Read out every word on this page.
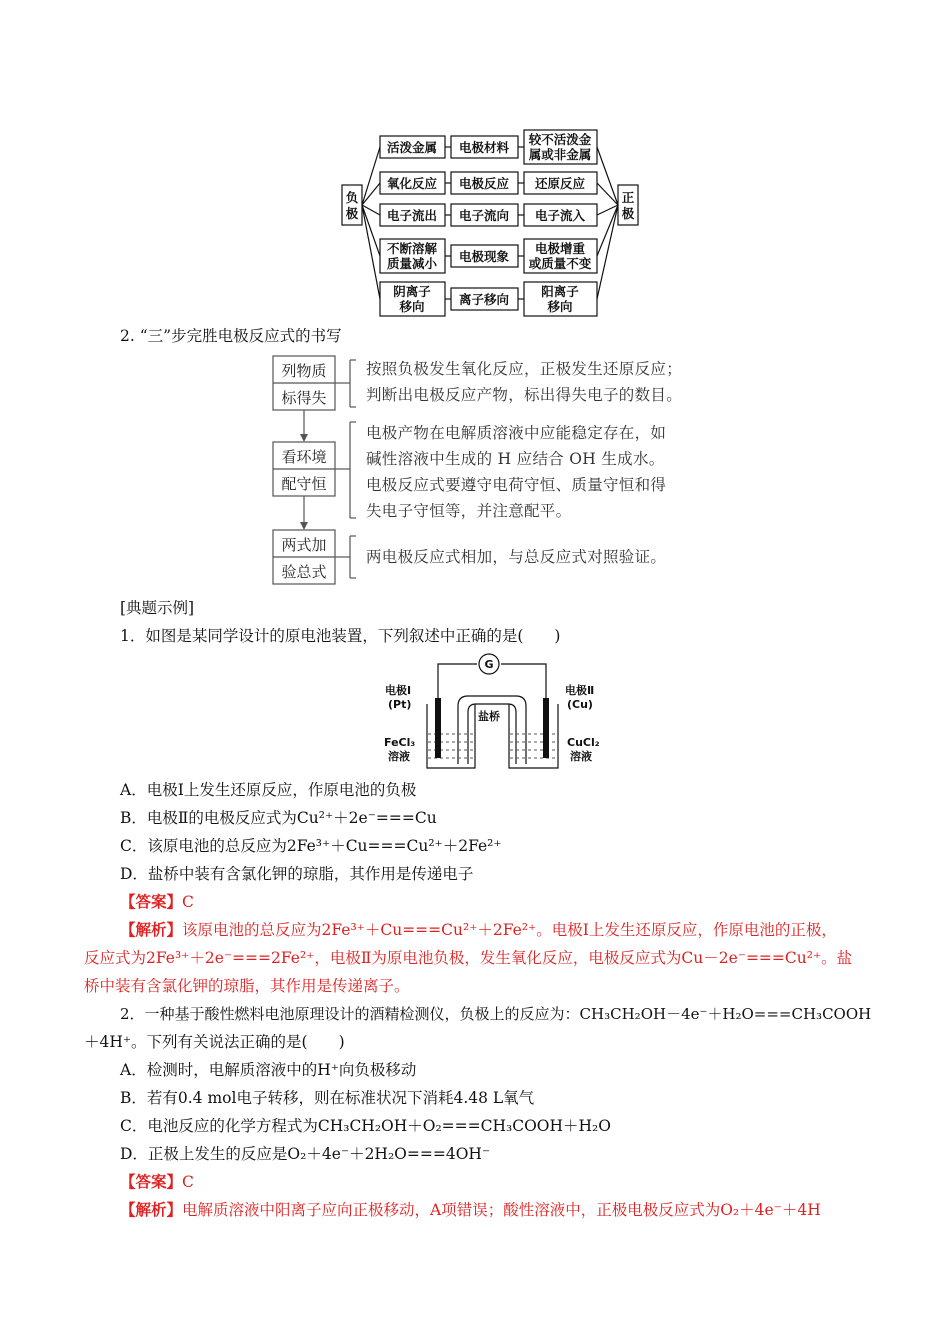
负
极
正
极
活泼金属 电极材料
较不活泼金
属或非金属
氧化反应 电极反应 还原反应
电子流出 电子流向 电子流入
不断溶解
质量减小 电极现象
电极增重
或质量不变
阴离子
移向	离子移向
阳离子
移向
2. “三”步完胜电极反应式的书写
列物质
标得失
看环境
配守恒
两式加
验总式
按照负极发生氧化反应，正极发生还原反应；
判断出电极反应产物，标出得失电子的数目。
电极产物在电解质溶液中应能稳定存在，如
碱性溶液中生成的 H 应结合 OH 生成水。
电极反应式要遵守电荷守恒、质量守恒和得
失电子守恒等，并注意配平。
两电极反应式相加，与总反应式对照验证。
[典题示例]
1．如图是某同学设计的原电池装置，下列叙述中正确的是(　　)
G
电极Ⅰ
(Pt)
电极Ⅱ
(Cu)
盐桥
FeCl₃
溶液
CuCl₂
溶液
A．电极Ⅰ上发生还原反应，作原电池的负极
B．电极Ⅱ的电极反应式为Cu²⁺＋2e⁻===Cu
C．该原电池的总反应为2Fe³⁺＋Cu===Cu²⁺＋2Fe²⁺
D．盐桥中装有含氯化钾的琼脂，其作用是传递电子
【答案】C
【解析】该原电池的总反应为2Fe³⁺＋Cu===Cu²⁺＋2Fe²⁺。电极Ⅰ上发生还原反应，作原电池的正极，
反应式为2Fe³⁺＋2e⁻===2Fe²⁺，电极Ⅱ为原电池负极，发生氧化反应，电极反应式为Cu－2e⁻===Cu²⁺。盐
桥中装有含氯化钾的琼脂，其作用是传递离子。
2．一种基于酸性燃料电池原理设计的酒精检测仪，负极上的反应为：CH₃CH₂OH－4e⁻＋H₂O===CH₃COOH
＋4H⁺。下列有关说法正确的是(　　)
A．检测时，电解质溶液中的H⁺向负极移动
B．若有0.4 mol电子转移，则在标准状况下消耗4.48 L氧气
C．电池反应的化学方程式为CH₃CH₂OH＋O₂===CH₃COOH＋H₂O
D．正极上发生的反应是O₂＋4e⁻＋2H₂O===4OH⁻
【答案】C
【解析】电解质溶液中阳离子应向正极移动，A项错误；酸性溶液中，正极电极反应式为O₂＋4e⁻＋4H
